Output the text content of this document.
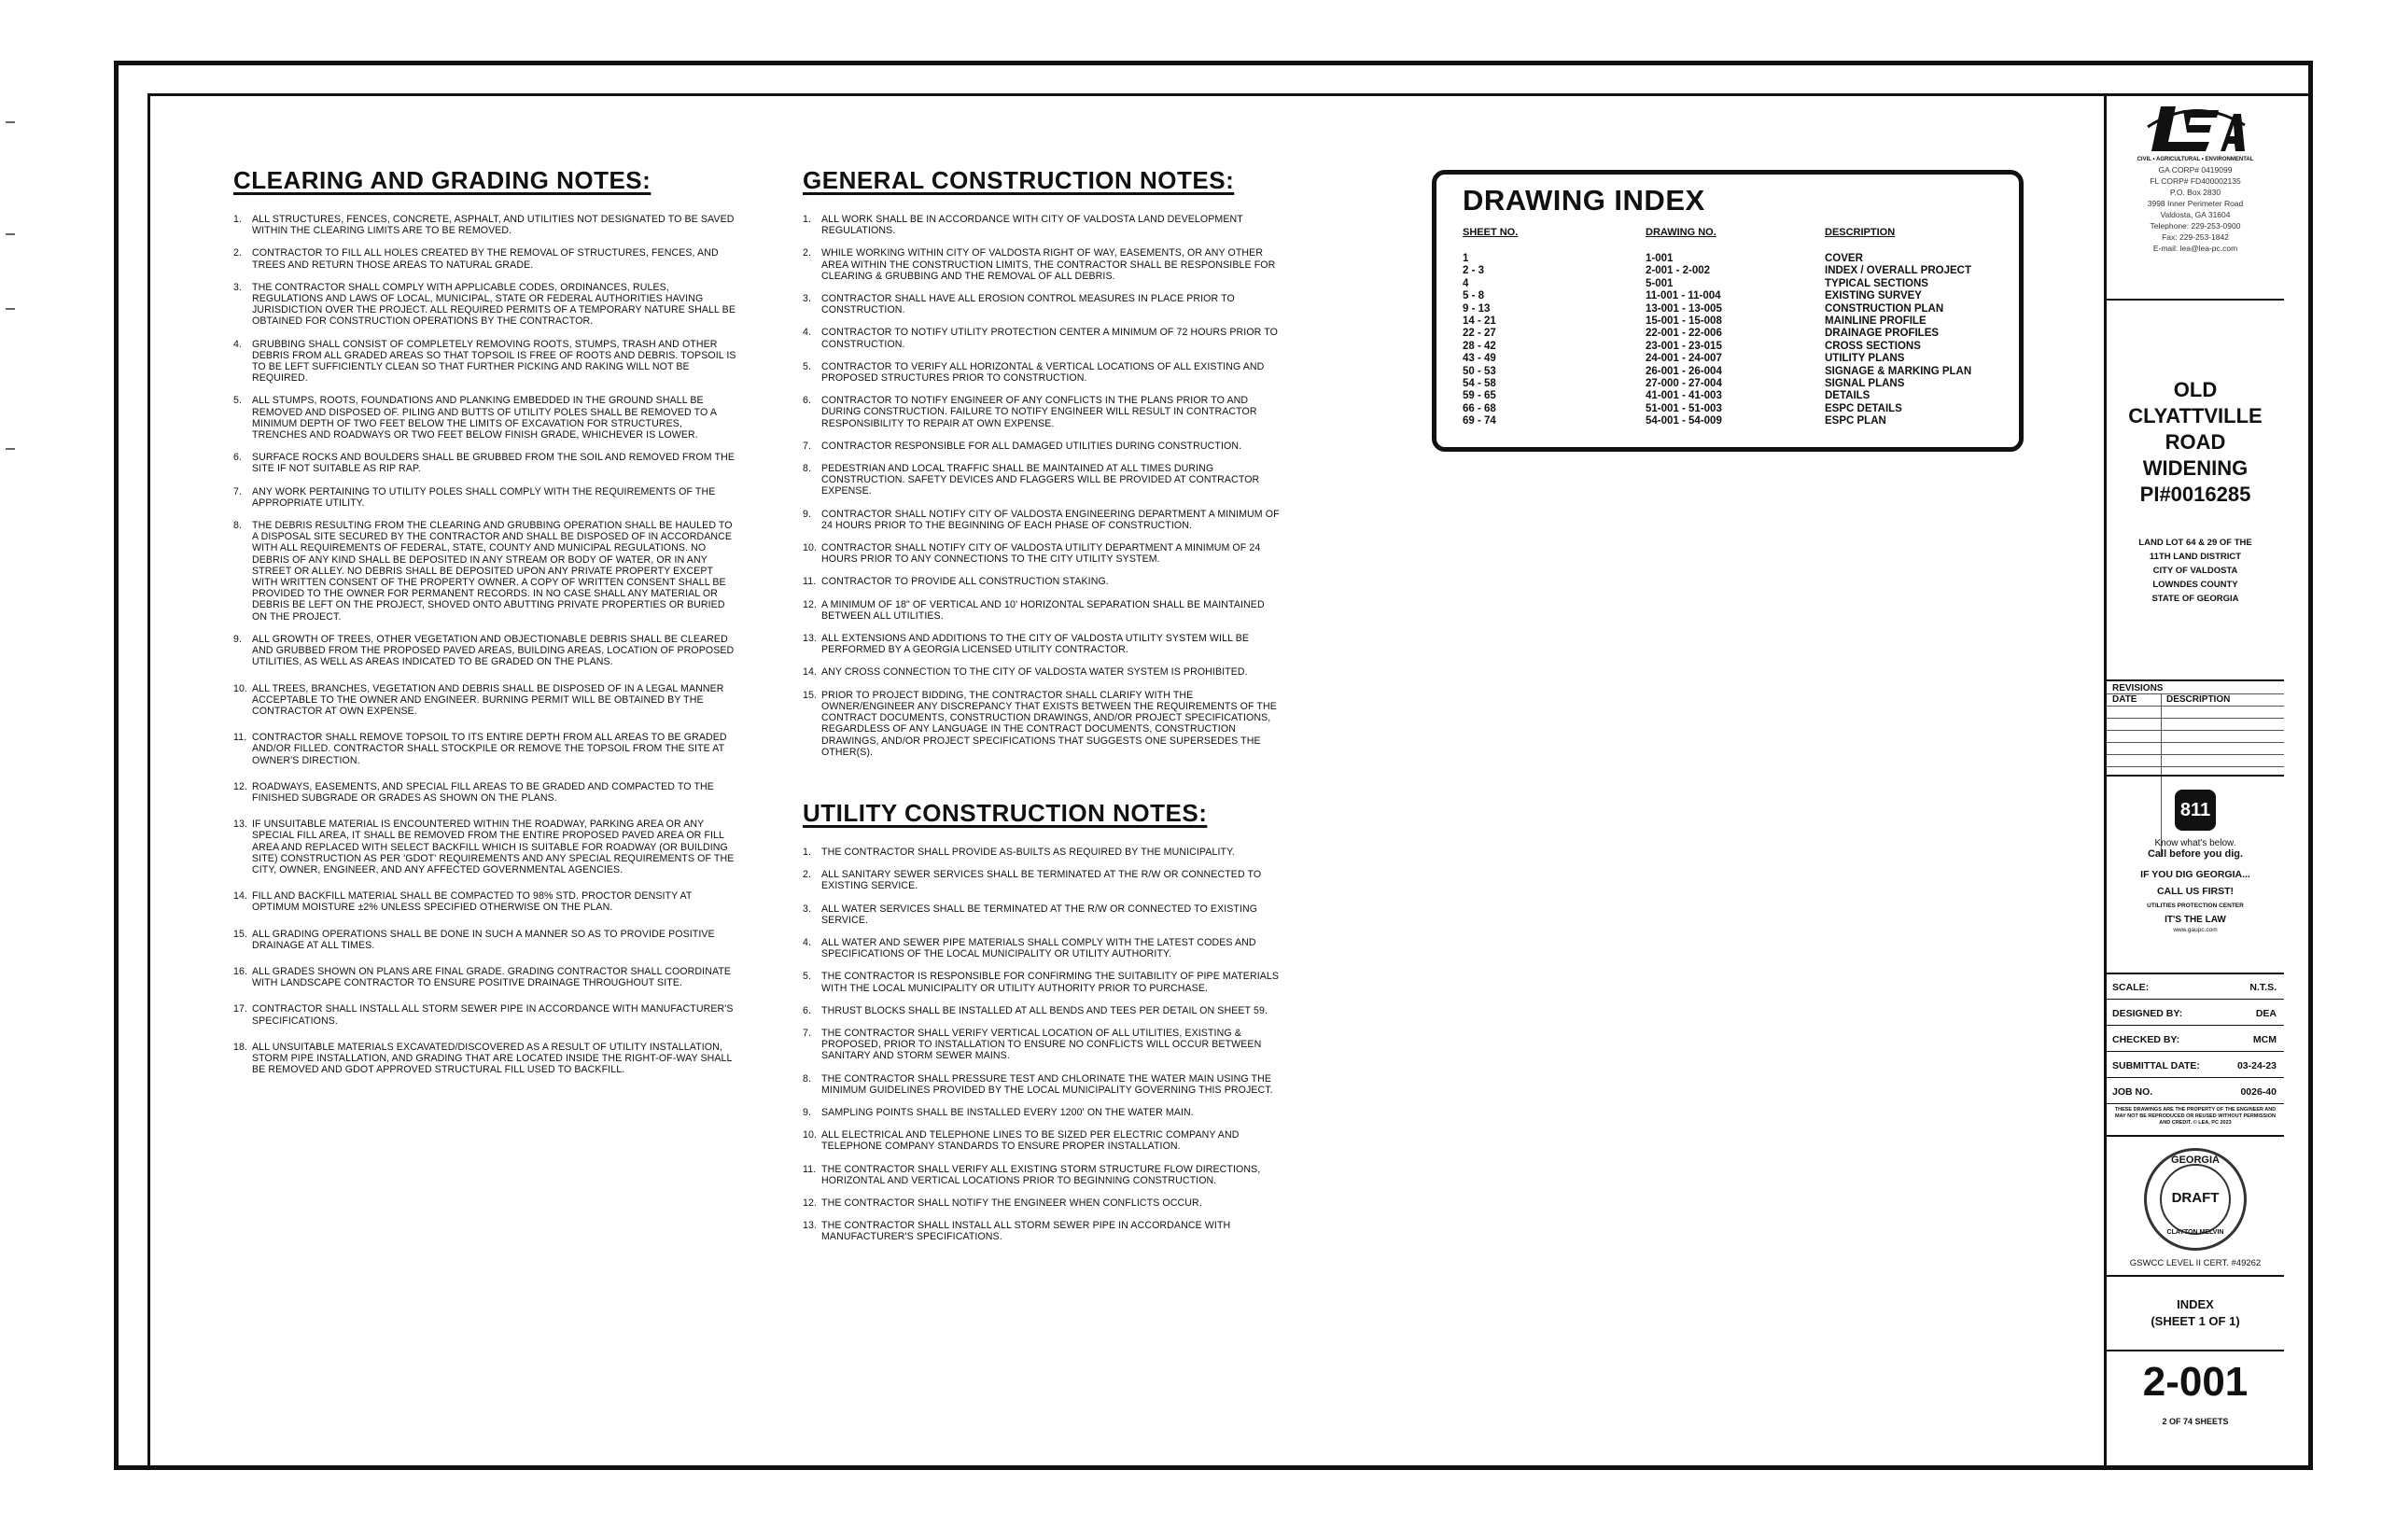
CLEARING AND GRADING NOTES:
1.	ALL STRUCTURES, FENCES, CONCRETE, ASPHALT, AND UTILITIES NOT DESIGNATED TO BE SAVED WITHIN THE CLEARING LIMITS ARE TO BE REMOVED.
2.	CONTRACTOR TO FILL ALL HOLES CREATED BY THE REMOVAL OF STRUCTURES, FENCES, AND TREES AND RETURN THOSE AREAS TO NATURAL GRADE.
3.	THE CONTRACTOR SHALL COMPLY WITH APPLICABLE CODES, ORDINANCES, RULES, REGULATIONS AND LAWS OF LOCAL, MUNICIPAL, STATE OR FEDERAL AUTHORITIES HAVING JURISDICTION OVER THE PROJECT. ALL REQUIRED PERMITS OF A TEMPORARY NATURE SHALL BE OBTAINED FOR CONSTRUCTION OPERATIONS BY THE CONTRACTOR.
4.	GRUBBING SHALL CONSIST OF COMPLETELY REMOVING ROOTS, STUMPS, TRASH AND OTHER DEBRIS FROM ALL GRADED AREAS SO THAT TOPSOIL IS FREE OF ROOTS AND DEBRIS. TOPSOIL IS TO BE LEFT SUFFICIENTLY CLEAN SO THAT FURTHER PICKING AND RAKING WILL NOT BE REQUIRED.
5.	ALL STUMPS, ROOTS, FOUNDATIONS AND PLANKING EMBEDDED IN THE GROUND SHALL BE REMOVED AND DISPOSED OF. PILING AND BUTTS OF UTILITY POLES SHALL BE REMOVED TO A MINIMUM DEPTH OF TWO FEET BELOW THE LIMITS OF EXCAVATION FOR STRUCTURES, TRENCHES AND ROADWAYS OR TWO FEET BELOW FINISH GRADE, WHICHEVER IS LOWER.
6.	SURFACE ROCKS AND BOULDERS SHALL BE GRUBBED FROM THE SOIL AND REMOVED FROM THE SITE IF NOT SUITABLE AS RIP RAP.
7.	ANY WORK PERTAINING TO UTILITY POLES SHALL COMPLY WITH THE REQUIREMENTS OF THE APPROPRIATE UTILITY.
8.	THE DEBRIS RESULTING FROM THE CLEARING AND GRUBBING OPERATION SHALL BE HAULED TO A DISPOSAL SITE SECURED BY THE CONTRACTOR AND SHALL BE DISPOSED OF IN ACCORDANCE WITH ALL REQUIREMENTS OF FEDERAL, STATE, COUNTY AND MUNICIPAL REGULATIONS. NO DEBRIS OF ANY KIND SHALL BE DEPOSITED IN ANY STREAM OR BODY OF WATER, OR IN ANY STREET OR ALLEY. NO DEBRIS SHALL BE DEPOSITED UPON ANY PRIVATE PROPERTY EXCEPT WITH WRITTEN CONSENT OF THE PROPERTY OWNER. A COPY OF WRITTEN CONSENT SHALL BE PROVIDED TO THE OWNER FOR PERMANENT RECORDS. IN NO CASE SHALL ANY MATERIAL OR DEBRIS BE LEFT ON THE PROJECT, SHOVED ONTO ABUTTING PRIVATE PROPERTIES OR BURIED ON THE PROJECT.
9.	ALL GROWTH OF TREES, OTHER VEGETATION AND OBJECTIONABLE DEBRIS SHALL BE CLEARED AND GRUBBED FROM THE PROPOSED PAVED AREAS, BUILDING AREAS, LOCATION OF PROPOSED UTILITIES, AS WELL AS AREAS INDICATED TO BE GRADED ON THE PLANS.
10. ALL TREES, BRANCHES, VEGETATION AND DEBRIS SHALL BE DISPOSED OF IN A LEGAL MANNER ACCEPTABLE TO THE OWNER AND ENGINEER. BURNING PERMIT WILL BE OBTAINED BY THE CONTRACTOR AT OWN EXPENSE.
11. CONTRACTOR SHALL REMOVE TOPSOIL TO ITS ENTIRE DEPTH FROM ALL AREAS TO BE GRADED AND/OR FILLED. CONTRACTOR SHALL STOCKPILE OR REMOVE THE TOPSOIL FROM THE SITE AT OWNER'S DIRECTION.
12. ROADWAYS, EASEMENTS, AND SPECIAL FILL AREAS TO BE GRADED AND COMPACTED TO THE FINISHED SUBGRADE OR GRADES AS SHOWN ON THE PLANS.
13. IF UNSUITABLE MATERIAL IS ENCOUNTERED WITHIN THE ROADWAY, PARKING AREA OR ANY SPECIAL FILL AREA, IT SHALL BE REMOVED FROM THE ENTIRE PROPOSED PAVED AREA OR FILL AREA AND REPLACED WITH SELECT BACKFILL WHICH IS SUITABLE FOR ROADWAY (OR BUILDING SITE) CONSTRUCTION AS PER 'GDOT' REQUIREMENTS AND ANY SPECIAL REQUIREMENTS OF THE CITY, OWNER, ENGINEER, AND ANY AFFECTED GOVERNMENTAL AGENCIES.
14. FILL AND BACKFILL MATERIAL SHALL BE COMPACTED TO 98% STD. PROCTOR DENSITY AT OPTIMUM MOISTURE ±2% UNLESS SPECIFIED OTHERWISE ON THE PLAN.
15. ALL GRADING OPERATIONS SHALL BE DONE IN SUCH A MANNER SO AS TO PROVIDE POSITIVE DRAINAGE AT ALL TIMES.
16. ALL GRADES SHOWN ON PLANS ARE FINAL GRADE. GRADING CONTRACTOR SHALL COORDINATE WITH LANDSCAPE CONTRACTOR TO ENSURE POSITIVE DRAINAGE THROUGHOUT SITE.
17. CONTRACTOR SHALL INSTALL ALL STORM SEWER PIPE IN ACCORDANCE WITH MANUFACTURER'S SPECIFICATIONS.
18. ALL UNSUITABLE MATERIALS EXCAVATED/DISCOVERED AS A RESULT OF UTILITY INSTALLATION, STORM PIPE INSTALLATION, AND GRADING THAT ARE LOCATED INSIDE THE RIGHT-OF-WAY SHALL BE REMOVED AND GDOT APPROVED STRUCTURAL FILL USED TO BACKFILL.
GENERAL CONSTRUCTION NOTES:
1.	ALL WORK SHALL BE IN ACCORDANCE WITH CITY OF VALDOSTA LAND DEVELOPMENT REGULATIONS.
2.	WHILE WORKING WITHIN CITY OF VALDOSTA RIGHT OF WAY, EASEMENTS, OR ANY OTHER AREA WITHIN THE CONSTRUCTION LIMITS, THE CONTRACTOR SHALL BE RESPONSIBLE FOR CLEARING & GRUBBING AND THE REMOVAL OF ALL DEBRIS.
3.	CONTRACTOR SHALL HAVE ALL EROSION CONTROL MEASURES IN PLACE PRIOR TO CONSTRUCTION.
4.	CONTRACTOR TO NOTIFY UTILITY PROTECTION CENTER A MINIMUM OF 72 HOURS PRIOR TO CONSTRUCTION.
5.	CONTRACTOR TO VERIFY ALL HORIZONTAL & VERTICAL LOCATIONS OF ALL EXISTING AND PROPOSED STRUCTURES PRIOR TO CONSTRUCTION.
6.	CONTRACTOR TO NOTIFY ENGINEER OF ANY CONFLICTS IN THE PLANS PRIOR TO AND DURING CONSTRUCTION. FAILURE TO NOTIFY ENGINEER WILL RESULT IN CONTRACTOR RESPONSIBILITY TO REPAIR AT OWN EXPENSE.
7.	CONTRACTOR RESPONSIBLE FOR ALL DAMAGED UTILITIES DURING CONSTRUCTION.
8.	PEDESTRIAN AND LOCAL TRAFFIC SHALL BE MAINTAINED AT ALL TIMES DURING CONSTRUCTION. SAFETY DEVICES AND FLAGGERS WILL BE PROVIDED AT CONTRACTOR EXPENSE.
9.	CONTRACTOR SHALL NOTIFY CITY OF VALDOSTA ENGINEERING DEPARTMENT A MINIMUM OF 24 HOURS PRIOR TO THE BEGINNING OF EACH PHASE OF CONSTRUCTION.
10. CONTRACTOR SHALL NOTIFY CITY OF VALDOSTA UTILITY DEPARTMENT A MINIMUM OF 24 HOURS PRIOR TO ANY CONNECTIONS TO THE CITY UTILITY SYSTEM.
11. CONTRACTOR TO PROVIDE ALL CONSTRUCTION STAKING.
12. A MINIMUM OF 18" OF VERTICAL AND 10' HORIZONTAL SEPARATION SHALL BE MAINTAINED BETWEEN ALL UTILITIES.
13. ALL EXTENSIONS AND ADDITIONS TO THE CITY OF VALDOSTA UTILITY SYSTEM WILL BE PERFORMED BY A GEORGIA LICENSED UTILITY CONTRACTOR.
14. ANY CROSS CONNECTION TO THE CITY OF VALDOSTA WATER SYSTEM IS PROHIBITED.
15. PRIOR TO PROJECT BIDDING, THE CONTRACTOR SHALL CLARIFY WITH THE OWNER/ENGINEER ANY DISCREPANCY THAT EXISTS BETWEEN THE REQUIREMENTS OF THE CONTRACT DOCUMENTS, CONSTRUCTION DRAWINGS, AND/OR PROJECT SPECIFICATIONS, REGARDLESS OF ANY LANGUAGE IN THE CONTRACT DOCUMENTS, CONSTRUCTION DRAWINGS, AND/OR PROJECT SPECIFICATIONS THAT SUGGESTS ONE SUPERSEDES THE OTHER(S).
UTILITY CONSTRUCTION NOTES:
1.	THE CONTRACTOR SHALL PROVIDE AS-BUILTS AS REQUIRED BY THE MUNICIPALITY.
2.	ALL SANITARY SEWER SERVICES SHALL BE TERMINATED AT THE R/W OR CONNECTED TO EXISTING SERVICE.
3.	ALL WATER SERVICES SHALL BE TERMINATED AT THE R/W OR CONNECTED TO EXISTING SERVICE.
4.	ALL WATER AND SEWER PIPE MATERIALS SHALL COMPLY WITH THE LATEST CODES AND SPECIFICATIONS OF THE LOCAL MUNICIPALITY OR UTILITY AUTHORITY.
5.	THE CONTRACTOR IS RESPONSIBLE FOR CONFIRMING THE SUITABILITY OF PIPE MATERIALS WITH THE LOCAL MUNICIPALITY OR UTILITY AUTHORITY PRIOR TO PURCHASE.
6.	THRUST BLOCKS SHALL BE INSTALLED AT ALL BENDS AND TEES PER DETAIL ON SHEET 59.
7.	THE CONTRACTOR SHALL VERIFY VERTICAL LOCATION OF ALL UTILITIES, EXISTING & PROPOSED, PRIOR TO INSTALLATION TO ENSURE NO CONFLICTS WILL OCCUR BETWEEN SANITARY AND STORM SEWER MAINS.
8.	THE CONTRACTOR SHALL PRESSURE TEST AND CHLORINATE THE WATER MAIN USING THE MINIMUM GUIDELINES PROVIDED BY THE LOCAL MUNICIPALITY GOVERNING THIS PROJECT.
9.	SAMPLING POINTS SHALL BE INSTALLED EVERY 1200' ON THE WATER MAIN.
10. ALL ELECTRICAL AND TELEPHONE LINES TO BE SIZED PER ELECTRIC COMPANY AND TELEPHONE COMPANY STANDARDS TO ENSURE PROPER INSTALLATION.
11. THE CONTRACTOR SHALL VERIFY ALL EXISTING STORM STRUCTURE FLOW DIRECTIONS, HORIZONTAL AND VERTICAL LOCATIONS PRIOR TO BEGINNING CONSTRUCTION.
12. THE CONTRACTOR SHALL NOTIFY THE ENGINEER WHEN CONFLICTS OCCUR.
13. THE CONTRACTOR SHALL INSTALL ALL STORM SEWER PIPE IN ACCORDANCE WITH MANUFACTURER'S SPECIFICATIONS.
DRAWING INDEX
SHEET NO.	DRAWING NO.	DESCRIPTION
1	1-001	COVER
2 - 3	2-001 - 2-002	INDEX / OVERALL PROJECT
4	5-001	TYPICAL SECTIONS
5 - 8	11-001 - 11-004	EXISTING SURVEY
9 - 13	13-001 - 13-005	CONSTRUCTION PLAN
14 - 21	15-001 - 15-008	MAINLINE PROFILE
22 - 27	22-001 - 22-006	DRAINAGE PROFILES
28 - 42	23-001 - 23-015	CROSS SECTIONS
43 - 49	24-001 - 24-007	UTILITY PLANS
50 - 53	26-001 - 26-004	SIGNAGE & MARKING PLAN
54 - 58	27-000 - 27-004	SIGNAL PLANS
59 - 65	41-001 - 41-003	DETAILS
66 - 68	51-001 - 51-003	ESPC DETAILS
69 - 74	54-001 - 54-009	ESPC PLAN
CIVIL • AGRICULTURAL • ENVIRONMENTAL
GA CORP# 0419099
FL CORP# FD400002135
P.O. Box 2830
3998 Inner Perimeter Road
Valdosta, GA 31604
Telephone: 229-253-0900
Fax: 229-253-1842
E-mail: lea@lea-pc.com
OLD
CLYATTVILLE
ROAD
WIDENING
PI#0016285
LAND LOT 64 & 29 OF THE
11TH LAND DISTRICT
CITY OF VALDOSTA
LOWNDES COUNTY
STATE OF GEORGIA
REVISIONS
DATE	DESCRIPTION
811
Know what's below.
Call before you dig.
IF YOU DIG GEORGIA...
CALL US FIRST!
UTILITIES PROTECTION CENTER
IT'S THE LAW
www.gaupc.com
SCALE:	N.T.S.
DESIGNED BY:	DEA
CHECKED BY:	MCM
SUBMITTAL DATE:	03-24-23
JOB NO.	0026-40
THESE DRAWINGS ARE THE PROPERTY OF THE ENGINEER AND MAY NOT BE REPRODUCED OR REUSED WITHOUT PERMISSION AND CREDIT. © LEA, PC 2023
GEORGIA
DRAFT
CLAYTON MELVIN
GSWCC LEVEL II CERT. #49262
INDEX
(SHEET 1 OF 1)
2-001
2 OF 74 SHEETS
